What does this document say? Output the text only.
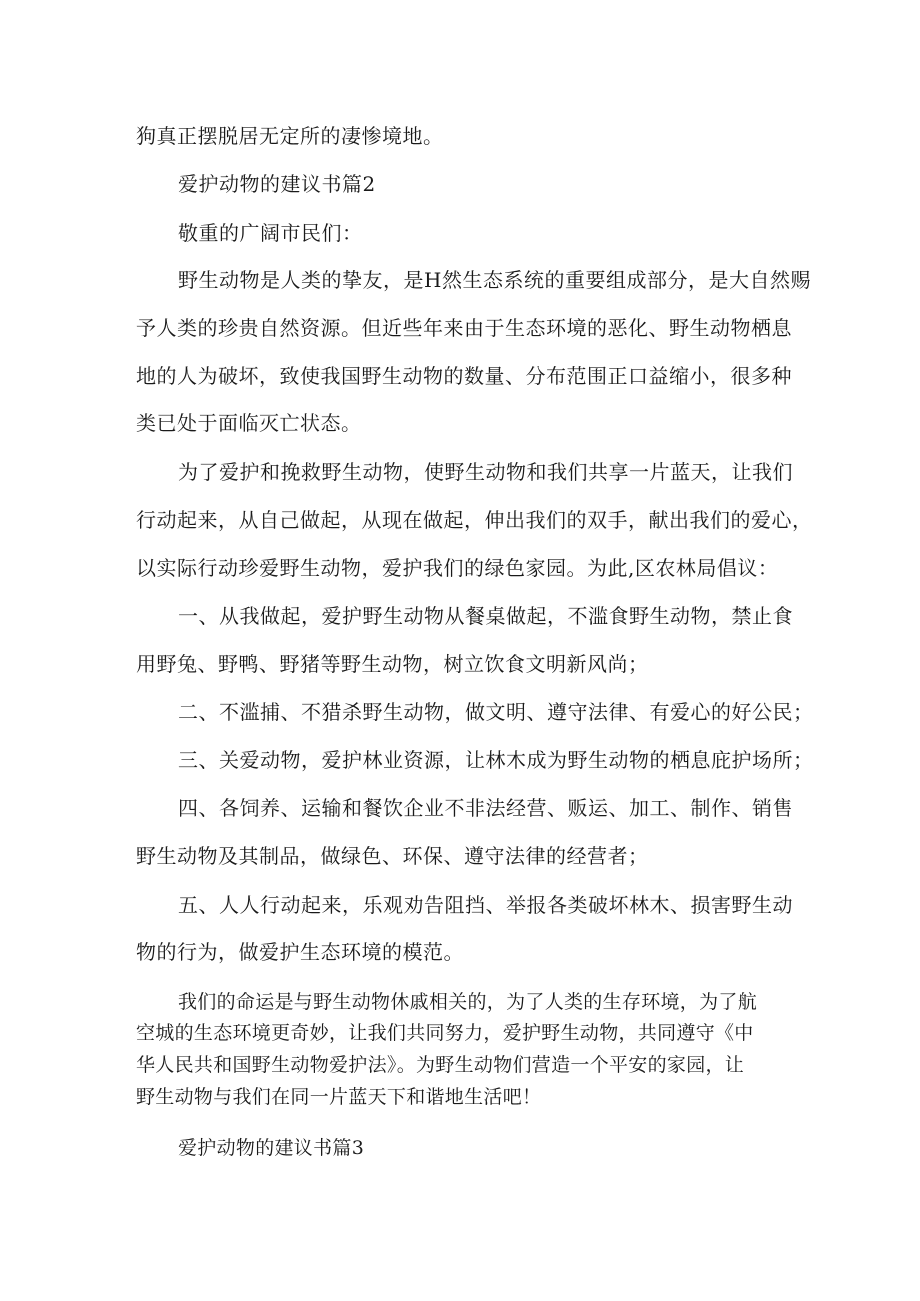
狗真正摆脱居无定所的凄惨境地。
爱护动物的建议书篇2
敬重的广阔市民们：
野生动物是人类的挚友，是H然生态系统的重要组成部分，是大自然赐
予人类的珍贵自然资源。但近些年来由于生态环境的恶化、野生动物栖息
地的人为破坏，致使我国野生动物的数量、分布范围正口益缩小，很多种
类已处于面临灭亡状态。
为了爱护和挽救野生动物，使野生动物和我们共享一片蓝天，让我们
行动起来，从自己做起，从现在做起，伸出我们的双手，献出我们的爱心，
以实际行动珍爱野生动物，爱护我们的绿色家园。为此,区农林局倡议：
一、从我做起，爱护野生动物从餐桌做起，不滥食野生动物，禁止食
用野兔、野鸭、野猪等野生动物，树立饮食文明新风尚；
二、不滥捕、不猎杀野生动物，做文明、遵守法律、有爱心的好公民；
三、关爱动物，爱护林业资源，让林木成为野生动物的栖息庇护场所；
四、各饲养、运输和餐饮企业不非法经营、贩运、加工、制作、销售
野生动物及其制品，做绿色、环保、遵守法律的经营者；
五、人人行动起来，乐观劝告阻挡、举报各类破坏林木、损害野生动
物的行为，做爱护生态环境的模范。
我们的命运是与野生动物休戚相关的，为了人类的生存环境，为了航
空城的生态环境更奇妙，让我们共同努力，爱护野生动物，共同遵守《中
华人民共和国野生动物爱护法》。为野生动物们营造一个平安的家园，让
野生动物与我们在同一片蓝天下和谐地生活吧！
爱护动物的建议书篇3
